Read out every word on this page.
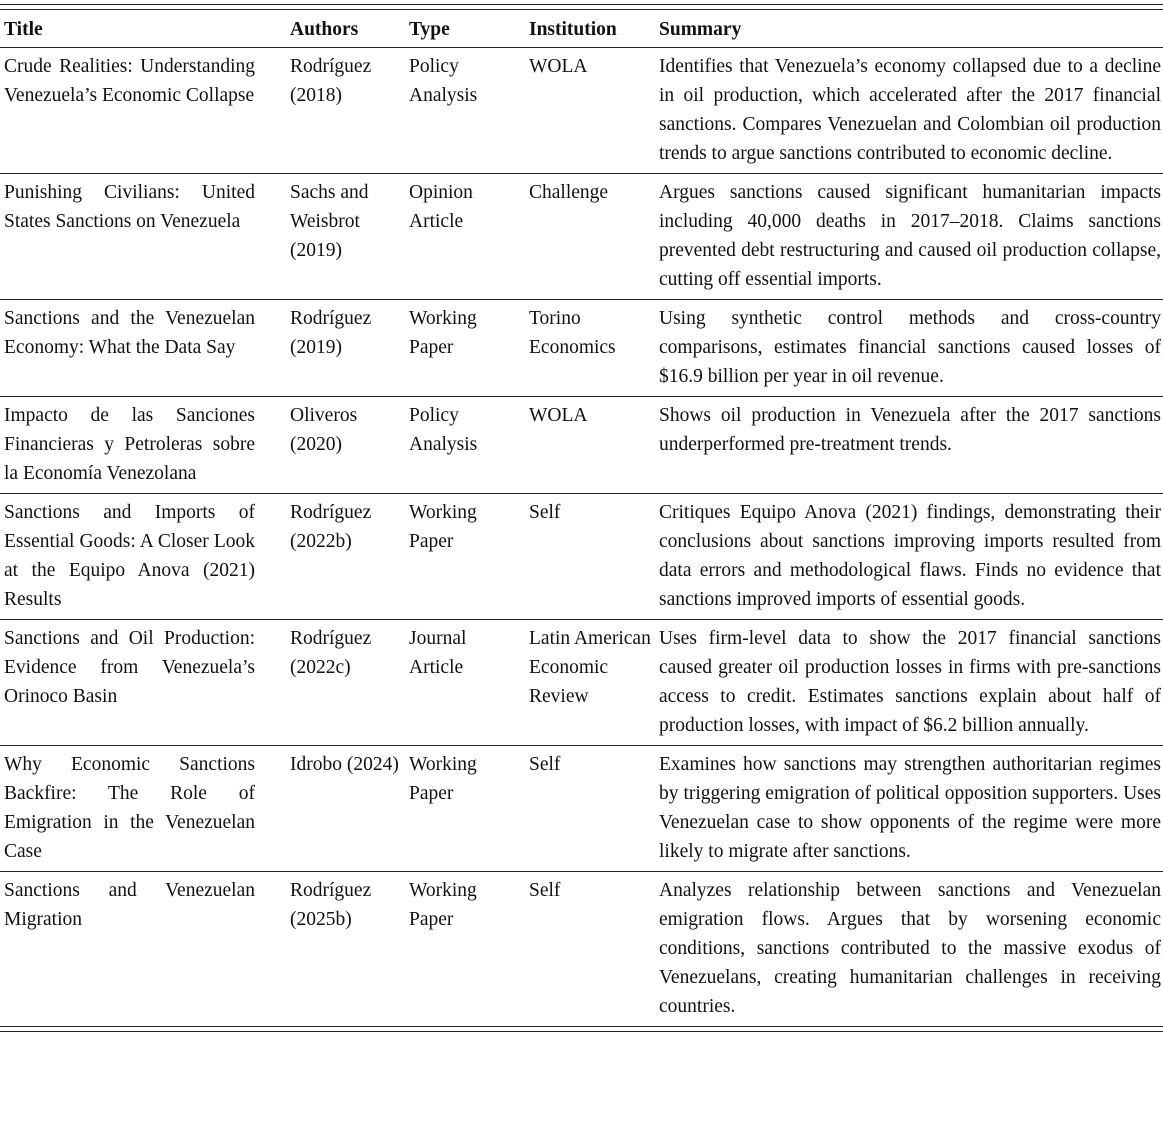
Title	Authors	Type	Institution	Summary
Crude Realities: Understanding Venezuela’s Economic Collapse	Rodríguez (2018)	Policy Analysis	WOLA	Identifies that Venezuela’s economy collapsed due to a decline in oil production, which accelerated after the 2017 financial sanctions. Compares Venezuelan and Colombian oil production trends to argue sanctions contributed to economic decline.
Punishing Civilians: United States Sanctions on Venezuela	Sachs and Weisbrot (2019)	Opinion Article	Challenge	Argues sanctions caused significant humanitarian impacts including 40,000 deaths in 2017–2018. Claims sanctions prevented debt restructuring and caused oil production collapse, cutting off essential imports.
Sanctions and the Venezuelan Economy: What the Data Say	Rodríguez (2019)	Working Paper	Torino Economics	Using synthetic control methods and cross-country comparisons, estimates financial sanctions caused losses of $16.9 billion per year in oil revenue.
Impacto de las Sanciones Financieras y Petroleras sobre la Economía Venezolana	Oliveros (2020)	Policy Analysis	WOLA	Shows oil production in Venezuela after the 2017 sanctions underperformed pre-treatment trends.
Sanctions and Imports of Essential Goods: A Closer Look at the Equipo Anova (2021) Results	Rodríguez (2022b)	Working Paper	Self	Critiques Equipo Anova (2021) findings, demonstrating their conclusions about sanctions improving imports resulted from data errors and methodological flaws. Finds no evidence that sanctions improved imports of essential goods.
Sanctions and Oil Production: Evidence from Venezuela’s Orinoco Basin	Rodríguez (2022c)	Journal Article	Latin American Economic Review	Uses firm-level data to show the 2017 financial sanctions caused greater oil production losses in firms with pre-sanctions access to credit. Estimates sanctions explain about half of production losses, with impact of $6.2 billion annually.
Why Economic Sanctions Backfire: The Role of Emigration in the Venezuelan Case	Idrobo (2024)	Working Paper	Self	Examines how sanctions may strengthen authoritarian regimes by triggering emigration of political opposition supporters. Uses Venezuelan case to show opponents of the regime were more likely to migrate after sanctions.
Sanctions and Venezuelan Migration	Rodríguez (2025b)	Working Paper	Self	Analyzes relationship between sanctions and Venezuelan emigration flows. Argues that by worsening economic conditions, sanctions contributed to the massive exodus of Venezuelans, creating humanitarian challenges in receiving countries.
